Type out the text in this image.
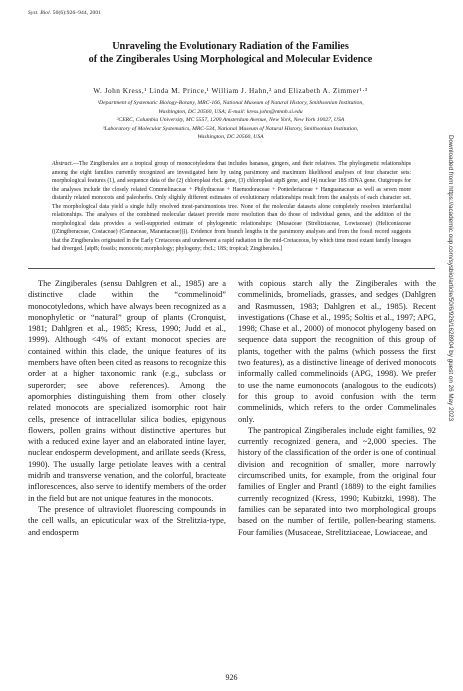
Syst. Biol. 50(6):926–944, 2001
Unraveling the Evolutionary Radiation of the Families
of the Zingiberales Using Morphological and Molecular Evidence
W. John Kress,¹ Linda M. Prince,¹ William J. Hahn,² and Elizabeth A. Zimmer¹·³
¹Department of Systematic Biology-Botany, MRC-166, National Museum of Natural History, Smithsonian Institution,
Washington, DC 20560, USA; E-mail: kress.john@nmnh.si.edu
²CERC, Columbia University, MC 5557, 1200 Amsterdam Avenue, New York, New York 10027, USA
³Laboratory of Molecular Systematics, MRC-534, National Museum of Natural History, Smithsonian Institution,
Washington, DC 20560, USA
Abstract.—The Zingiberales are a tropical group of monocotyledons that includes bananas, gingers, and their relatives. The phylogenetic relationships among the eight families currently recognized are investigated here by using parsimony and maximum likelihood analyses of four character sets: morphological features (1), and sequence data of the (2) chloroplast rbcL gene, (3) chloroplast atpB gene, and (4) nuclear 18S rDNA gene. Outgroups for the analyses include the closely related Commelinaceae + Philydraceae + Haemodoraceae + Pontederiaceae + Hanguanaceae as well as seven more distantly related monocots and paleoherbs. Only slightly different estimates of evolutionary relationships result from the analysis of each character set. The morphological data yield a single fully resolved most-parsimonious tree. None of the molecular datasets alone completely resolves interfamilial relationships. The analyses of the combined molecular dataset provide more resolution than do those of individual genes, and the addition of the morphological data provides a well-supported estimate of phylogenetic relationships: (Musaceae (Strelitziaceae, Lowiaceae) (Heliconiaceae ((Zingiberaceae, Costaceae) (Cannaceae, Marantaceae)))). Evidence from branch lengths in the parsimony analyses and from the fossil record suggests that the Zingiberales originated in the Early Cretaceous and underwent a rapid radiation in the mid-Cretaceous, by which time most extant family lineages had diverged. [atpB; fossils; monocots; morphology; phylogeny; rbcL; 18S; tropical; Zingiberales.]

The Zingiberales (sensu Dahlgren et al., 1985) are a distinctive clade within the “commelinoid” monocotyledons, which have always been recognized as a monophyletic or “natural” group of plants (Cronquist, 1981; Dahlgren et al., 1985; Kress, 1990; Judd et al., 1999). Although <4% of extant monocot species are contained within this clade, the unique features of its members have often been cited as reasons to recognize this order at a higher taxonomic rank (e.g., subclass or superorder; see above references). Among the apomorphies distinguishing them from other closely related monocots are specialized isomorphic root hair cells, presence of intracellular silica bodies, epigynous flowers, pollen grains without distinctive apertures but with a reduced exine layer and an elaborated intine layer, nuclear endosperm development, and arillate seeds (Kress, 1990). The usually large petiolate leaves with a central midrib and transverse venation, and the colorful, bracteate inflorescences, also serve to identify members of the order in the field but are not unique features in the monocots.

The presence of ultraviolet fluorescing compounds in the cell walls, an epicuticular wax of the Strelitzia-type, and endosperm

with copious starch ally the Zingiberales with the commelinids, bromeliads, grasses, and sedges (Dahlgren and Rasmussen, 1983; Dahlgren et al., 1985). Recent investigations (Chase et al., 1995; Soltis et al., 1997; APG, 1998; Chase et al., 2000) of monocot phylogeny based on sequence data support the recognition of this group of plants, together with the palms (which possess the first two features), as a distinctive lineage of derived monocots informally called commelinoids (APG, 1998). We prefer to use the name eumonocots (analogous to the eudicots) for this group to avoid confusion with the term commelinids, which refers to the order Commelinales only.

The pantropical Zingiberales include eight families, 92 currently recognized genera, and ~2,000 species. The history of the classification of the order is one of continual division and recognition of smaller, more narrowly circumscribed units, for example, from the original four families of Engler and Prantl (1889) to the eight families currently recognized (Kress, 1990; Kubitzki, 1998). The families can be separated into two morphological groups based on the number of fertile, pollen-bearing stamens. Four families (Musaceae, Strelitziaceae, Lowiaceae, and

926
Downloaded from https://academic.oup.com/sysbio/article/50/6/926/1628904 by guest on 26 May 2023
